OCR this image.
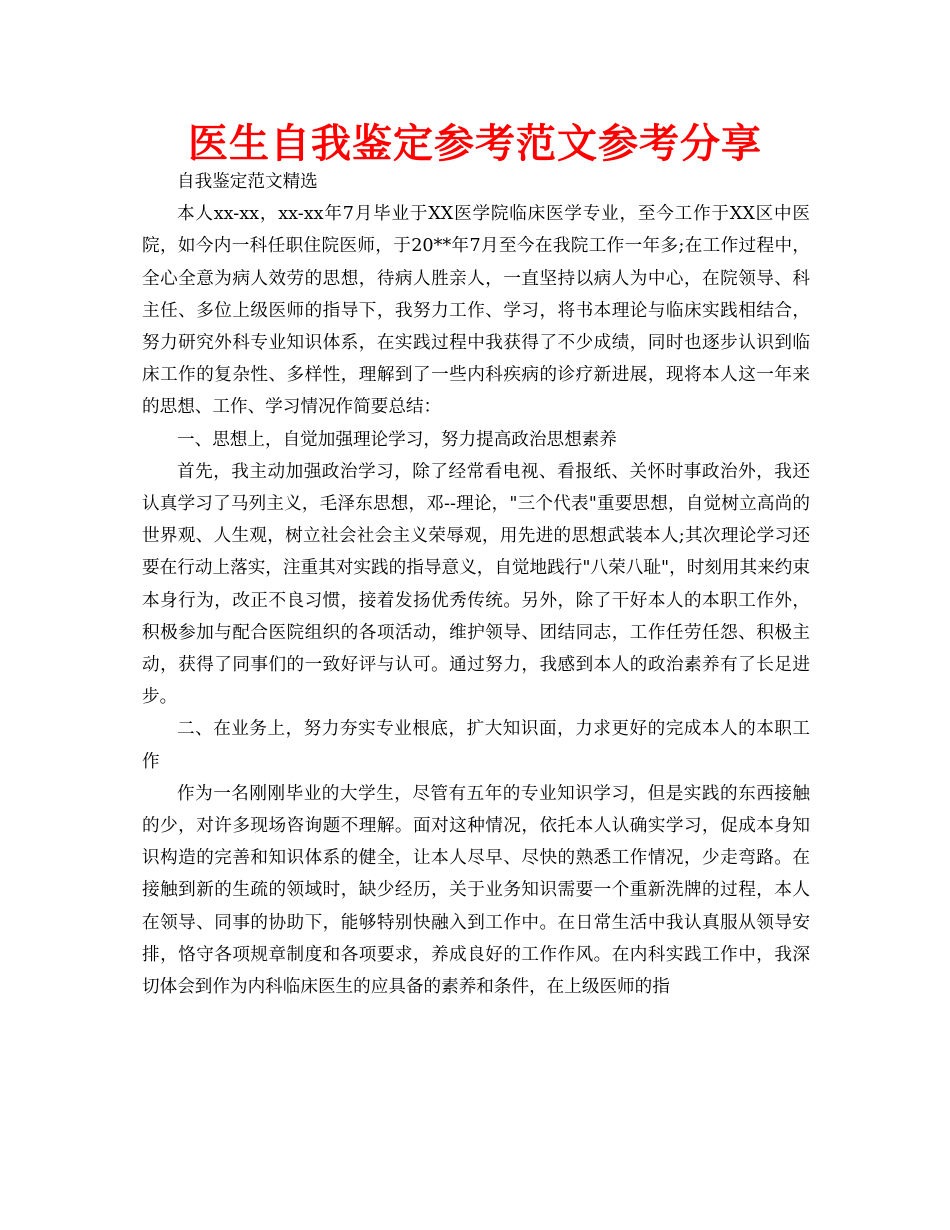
医生自我鉴定参考范文参考分享

自我鉴定范文精选

本人xx-xx，xx-xx年7月毕业于XX医学院临床医学专业，至今工作于XX区中医院，如今内一科任职住院医师，于20**年7月至今在我院工作一年多;在工作过程中，全心全意为病人效劳的思想，待病人胜亲人，一直坚持以病人为中心，在院领导、科主任、多位上级医师的指导下，我努力工作、学习，将书本理论与临床实践相结合，努力研究外科专业知识体系，在实践过程中我获得了不少成绩，同时也逐步认识到临床工作的复杂性、多样性，理解到了一些内科疾病的诊疗新进展，现将本人这一年来的思想、工作、学习情况作简要总结：

一、思想上，自觉加强理论学习，努力提高政治思想素养

首先，我主动加强政治学习，除了经常看电视、看报纸、关怀时事政治外，我还认真学习了马列主义，毛泽东思想，邓--理论，"三个代表"重要思想，自觉树立高尚的世界观、人生观，树立社会社会主义荣辱观，用先进的思想武装本人;其次理论学习还要在行动上落实，注重其对实践的指导意义，自觉地践行"八荣八耻"，时刻用其来约束本身行为，改正不良习惯，接着发扬优秀传统。另外，除了干好本人的本职工作外，积极参加与配合医院组织的各项活动，维护领导、团结同志，工作任劳任怨、积极主动，获得了同事们的一致好评与认可。通过努力，我感到本人的政治素养有了长足进步。

二、在业务上，努力夯实专业根底，扩大知识面，力求更好的完成本人的本职工作

作为一名刚刚毕业的大学生，尽管有五年的专业知识学习，但是实践的东西接触的少，对许多现场咨询题不理解。面对这种情况，依托本人认确实学习，促成本身知识构造的完善和知识体系的健全，让本人尽早、尽快的熟悉工作情况，少走弯路。在接触到新的生疏的领域时，缺少经历，关于业务知识需要一个重新洗牌的过程，本人在领导、同事的协助下，能够特别快融入到工作中。在日常生活中我认真服从领导安排，恪守各项规章制度和各项要求，养成良好的工作作风。在内科实践工作中，我深切体会到作为内科临床医生的应具备的素养和条件，在上级医师的指
